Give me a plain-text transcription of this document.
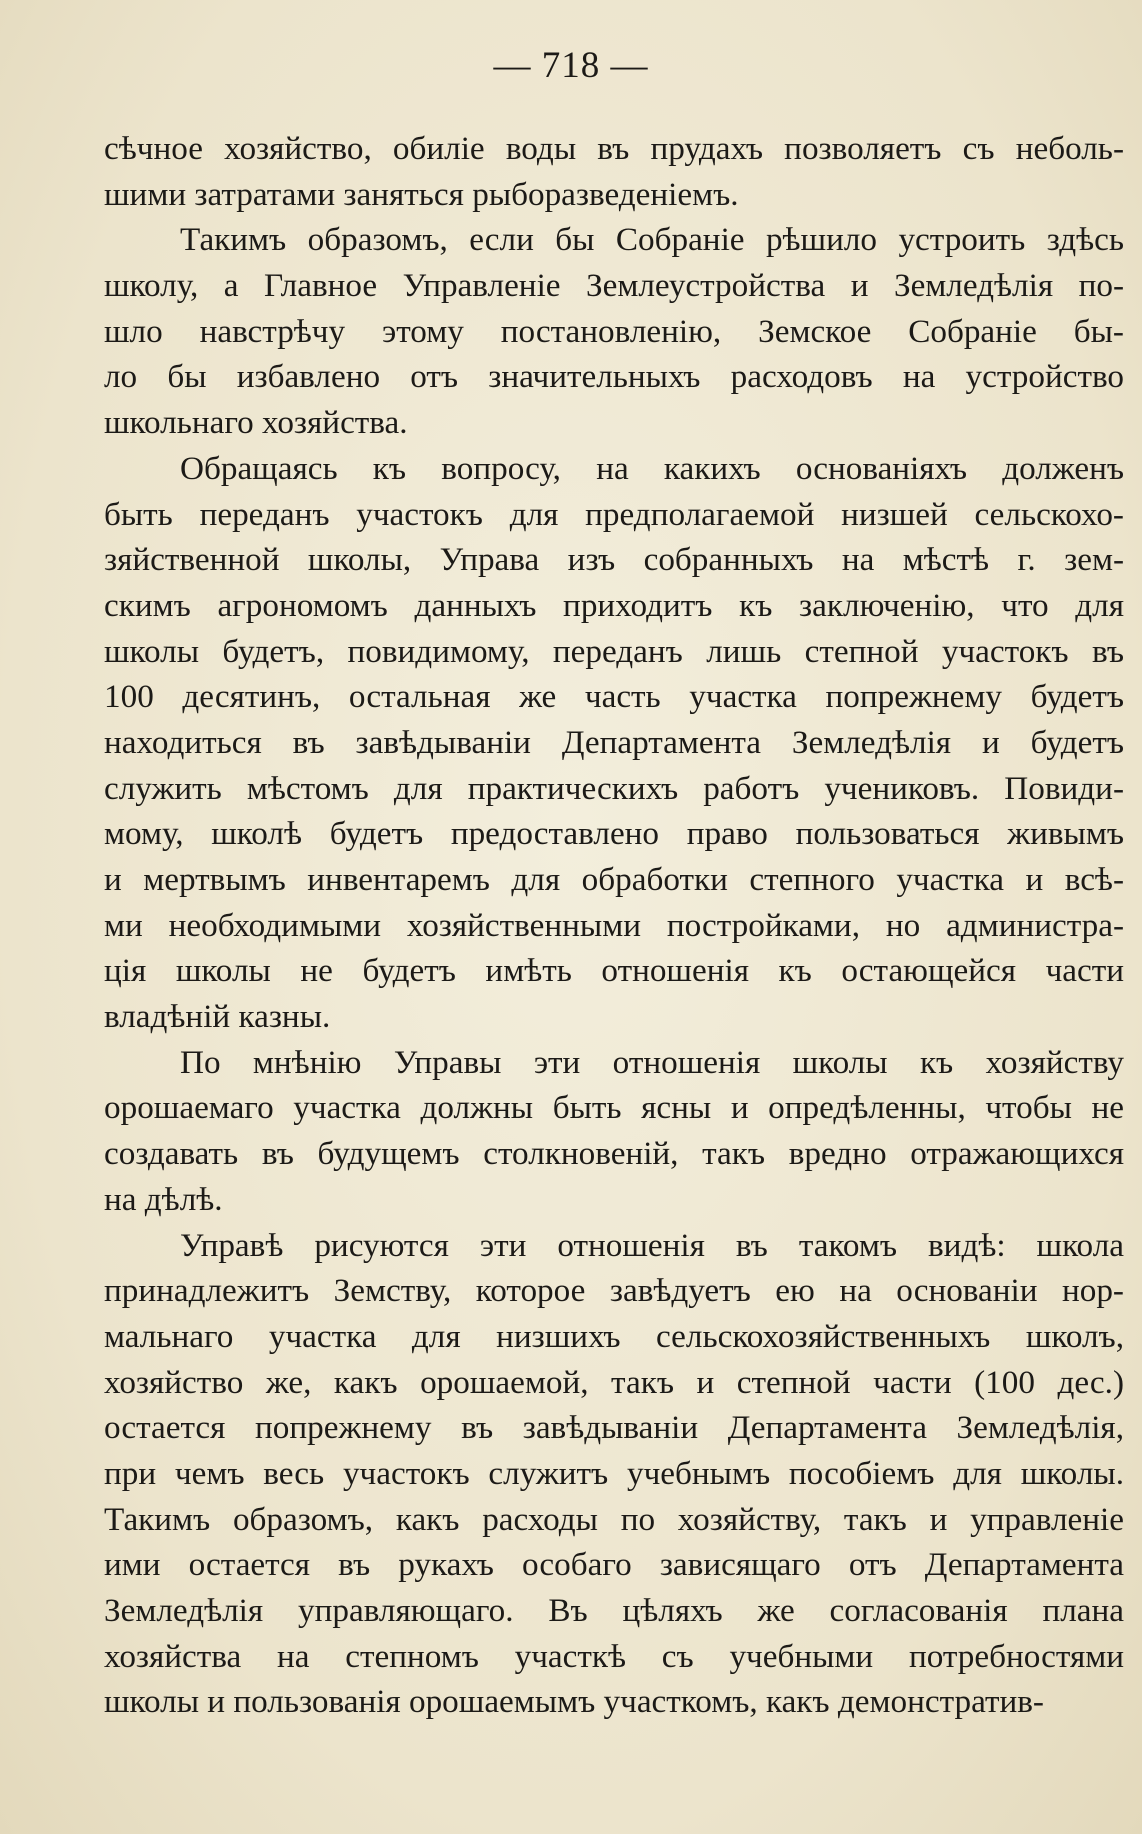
— 718 —

сѣчное хозяйство, обиліе воды въ прудахъ позволяетъ съ неболь-
шими затратами заняться рыборазведеніемъ.

Такимъ образомъ, если бы Собраніе рѣшило устроить здѣсь
школу, а Главное Управленіе Землеустройства и Земледѣлія по-
шло навстрѣчу этому постановленію, Земское Собраніе бы-
ло бы избавлено отъ значительныхъ расходовъ на устройство
школьнаго хозяйства.

Обращаясь къ вопросу, на какихъ основаніяхъ долженъ
быть переданъ участокъ для предполагаемой низшей сельскохо-
зяйственной школы, Управа изъ собранныхъ на мѣстѣ г. зем-
скимъ агрономомъ данныхъ приходитъ къ заключенію, что для
школы будетъ, повидимому, переданъ лишь степной участокъ въ
100 десятинъ, остальная же часть участка попрежнему будетъ
находиться въ завѣдываніи Департамента Земледѣлія и будетъ
служить мѣстомъ для практическихъ работъ учениковъ. Повиди-
мому, школѣ будетъ предоставлено право пользоваться живымъ
и мертвымъ инвентаремъ для обработки степного участка и всѣ-
ми необходимыми хозяйственными постройками, но администра-
ція школы не будетъ имѣть отношенія къ остающейся части
владѣній казны.

По мнѣнію Управы эти отношенія школы къ хозяйству
орошаемаго участка должны быть ясны и опредѣленны, чтобы не
создавать въ будущемъ столкновеній, такъ вредно отражающихся
на дѣлѣ.

Управѣ рисуются эти отношенія въ такомъ видѣ: школа
принадлежитъ Земству, которое завѣдуетъ ею на основаніи нор-
мальнаго участка для низшихъ сельскохозяйственныхъ школъ,
хозяйство же, какъ орошаемой, такъ и степной части (100 дес.)
остается попрежнему въ завѣдываніи Департамента Земледѣлія,
при чемъ весь участокъ служитъ учебнымъ пособіемъ для школы.
Такимъ образомъ, какъ расходы по хозяйству, такъ и управленіе
ими остается въ рукахъ особаго зависящаго отъ Департамента
Земледѣлія управляющаго. Въ цѣляхъ же согласованія плана
хозяйства на степномъ участкѣ съ учебными потребностями
школы и пользованія орошаемымъ участкомъ, какъ демонстратив-
